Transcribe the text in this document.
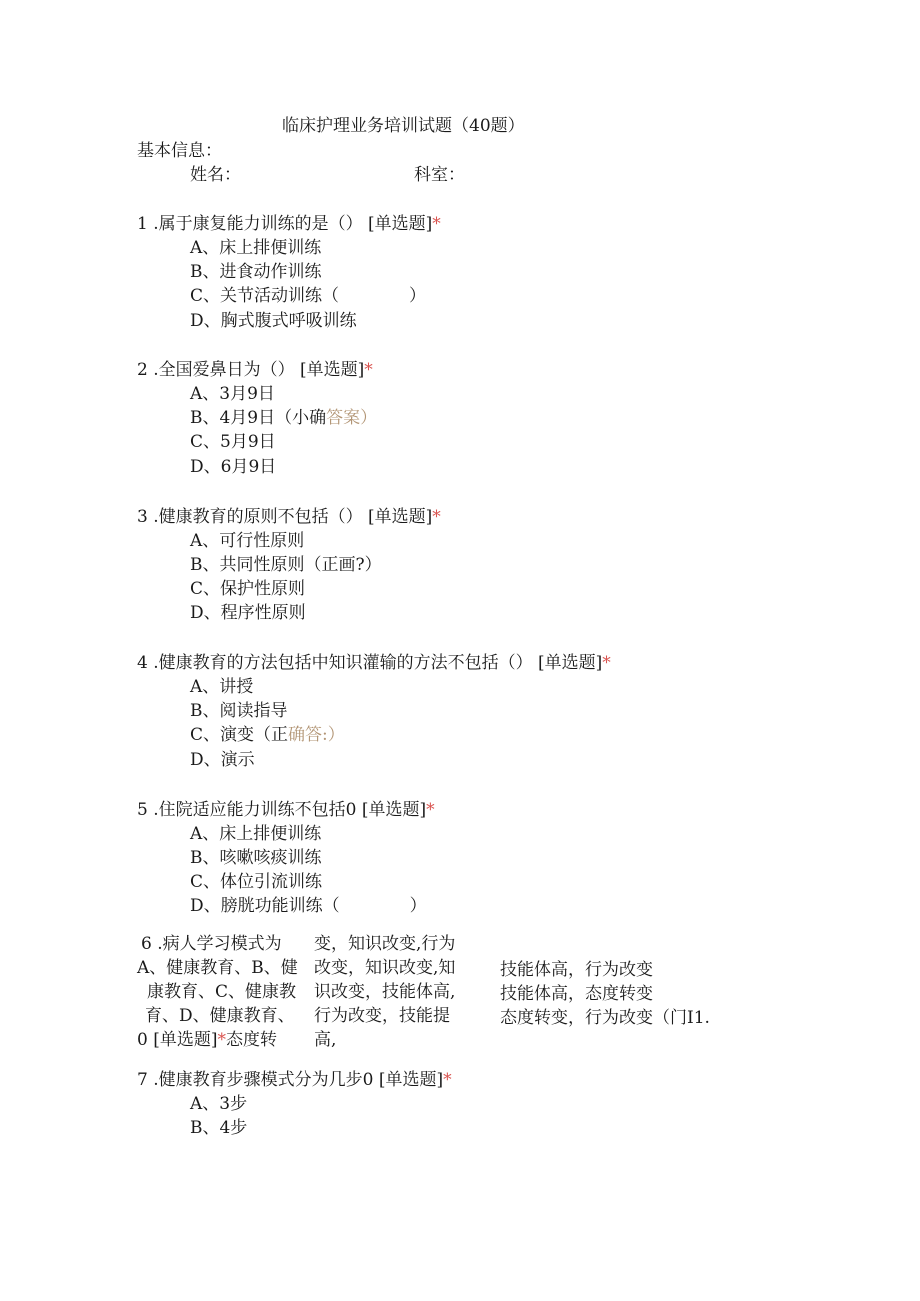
临床护理业务培训试题（40题）
基本信息：
姓名：	科室：
1 .属于康复能力训练的是（） [单选题]*
A、床上排便训练
B、进食动作训练
C、关节活动训练（	）
D、胸式腹式呼吸训练
2 .全国爱鼻日为（） [单选题]*
A、3月9日
B、4月9日（小确答案）
C、5月9日
D、6月9日
3 .健康教育的原则不包括（） [单选题]*
A、可行性原则
B、共同性原则（正画?）
C、保护性原则
D、程序性原则
4 .健康教育的方法包括中知识灌输的方法不包括（） [单选题]*
A、讲授
B、阅读指导
C、演变（正确答:）
D、演示
5 .住院适应能力训练不包括0 [单选题]*
A、床上排便训练
B、咳嗽咳痰训练
C、体位引流训练
D、膀胱功能训练（	）
6 .病人学习模式为
A、健康教育、B、健
康教育、C、健康教
育、D、健康教育、
0 [单选题]*态度转
变，知识改变,行为
改变，知识改变,知
识改变，技能体高,
行为改变，技能提
高,
技能体高，行为改变
技能体高，态度转变
态度转变，行为改变（门I1.
7 .健康教育步骤模式分为几步0 [单选题]*
A、3步
B、4步
